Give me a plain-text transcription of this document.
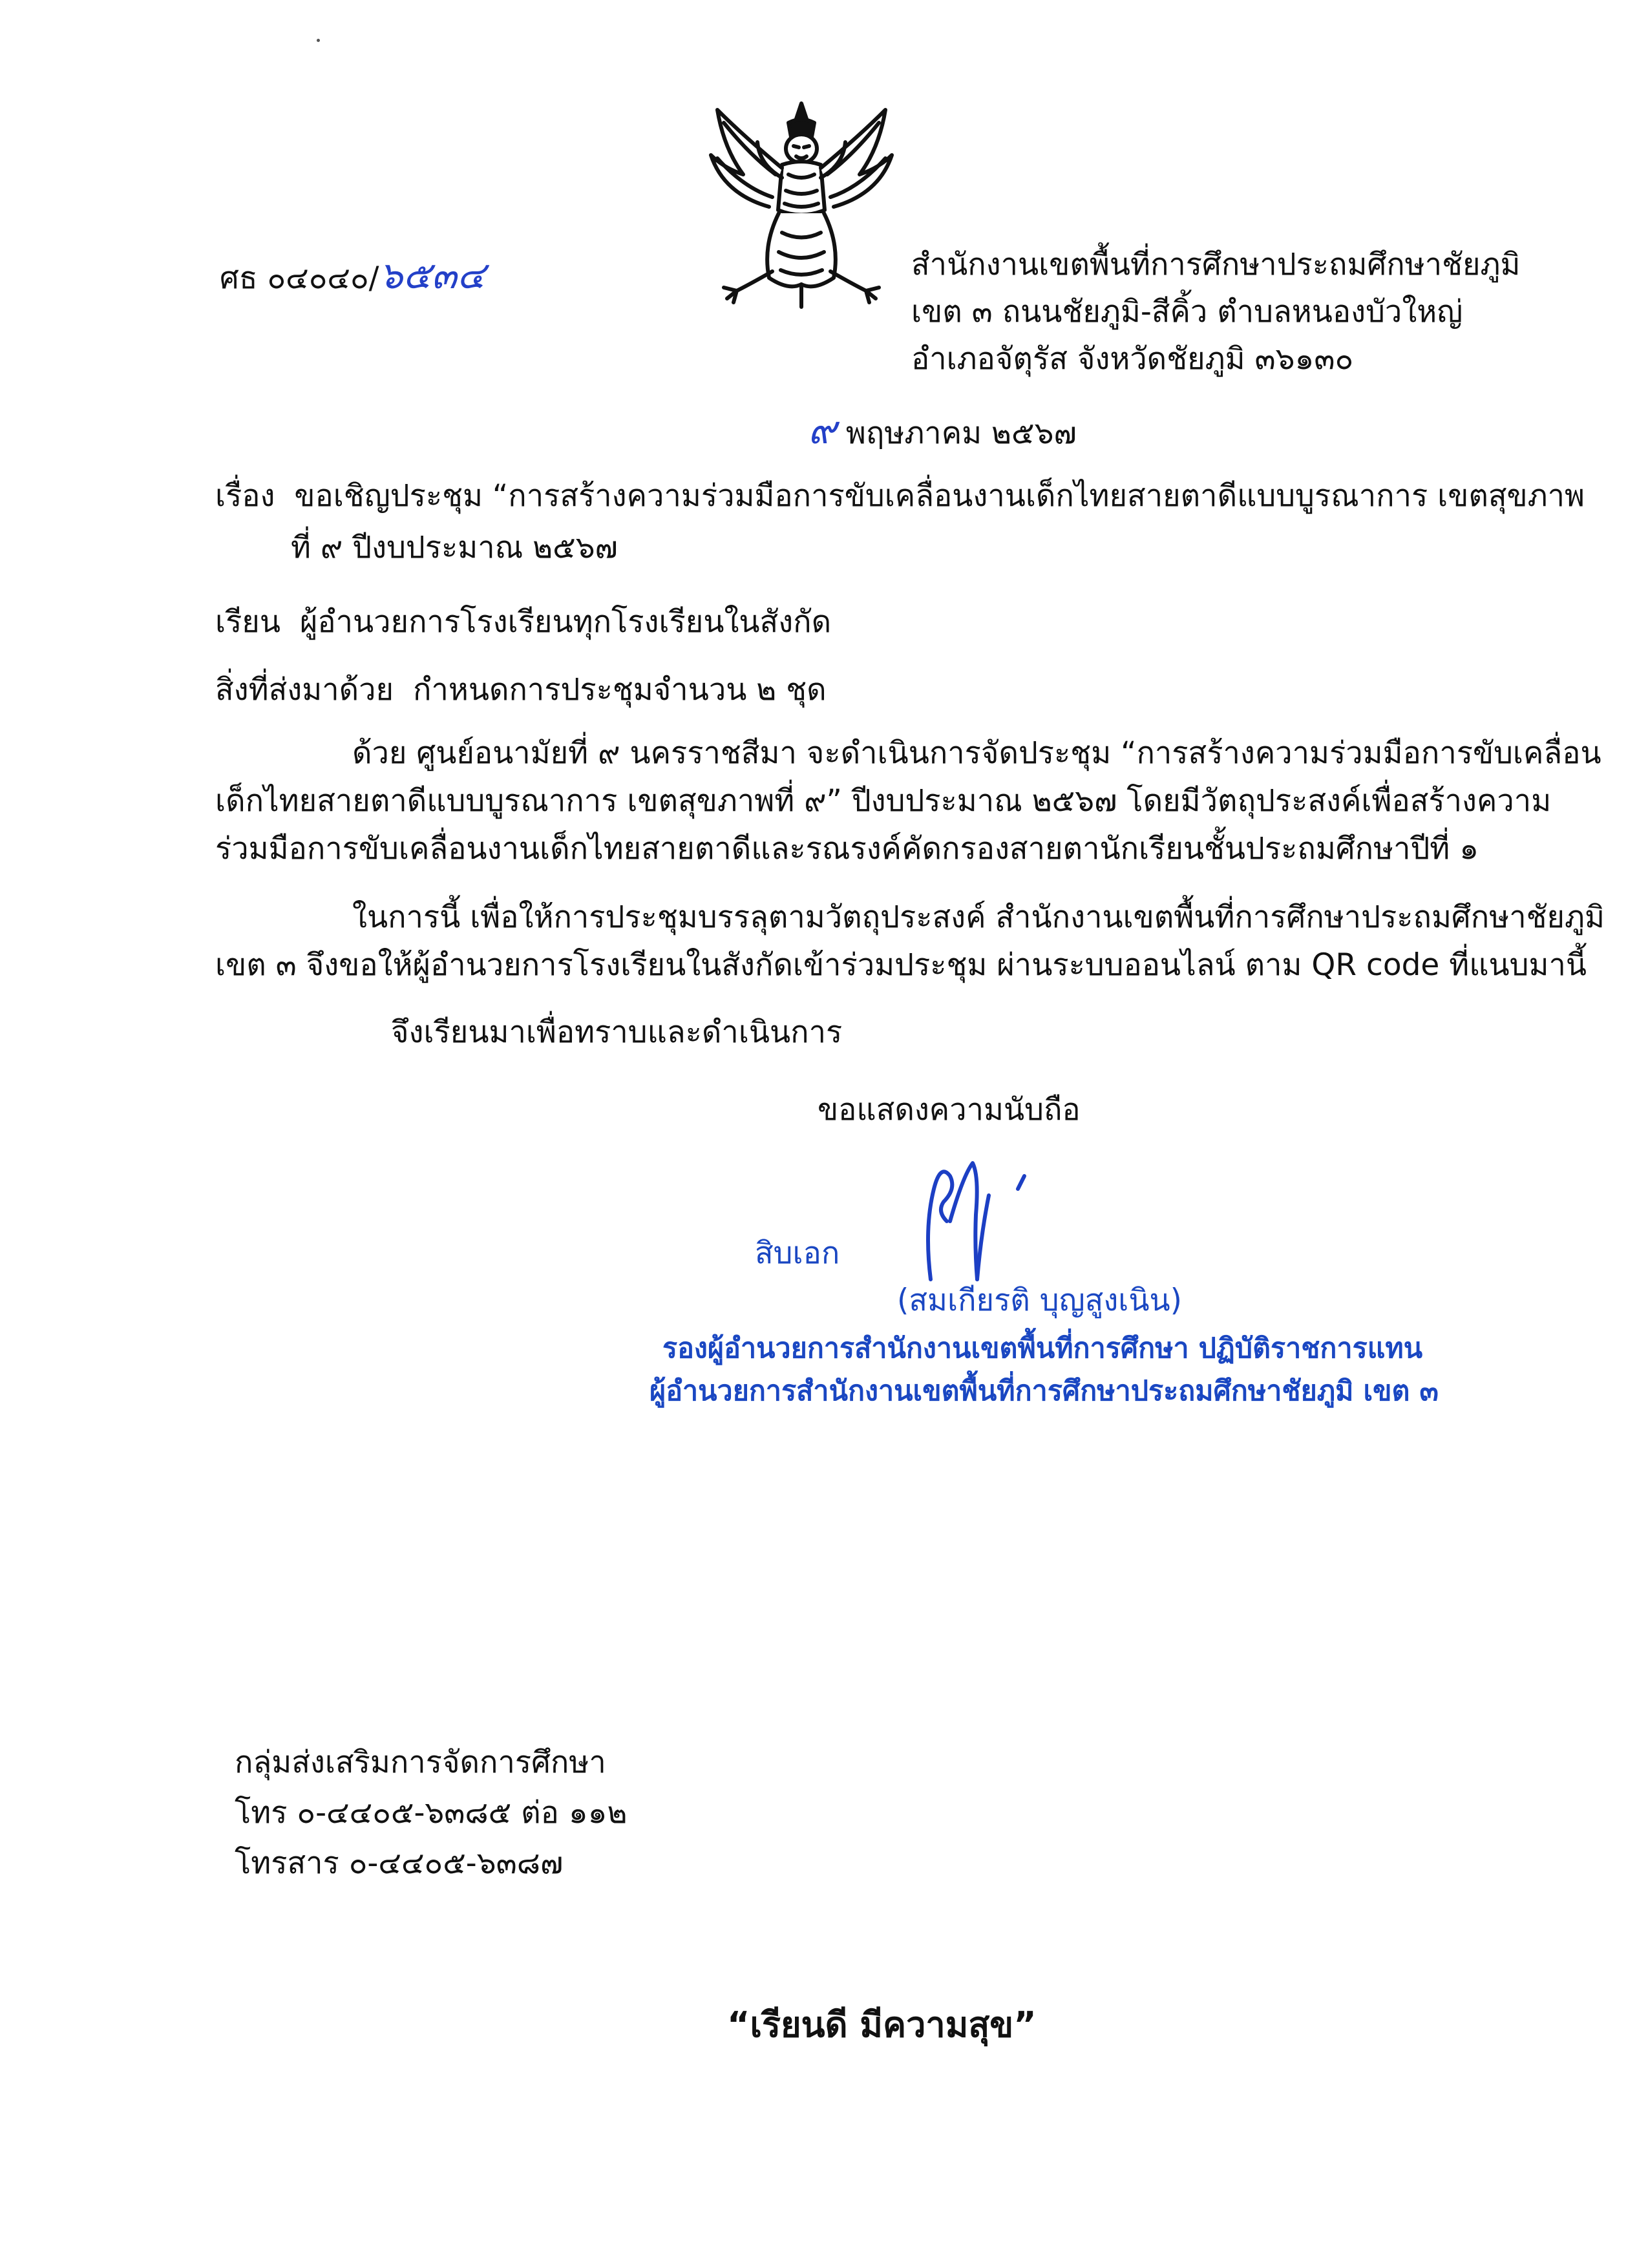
ศธ ๐๔๐๔๐/๖๕๓๔	สำนักงานเขตพื้นที่การศึกษาประถมศึกษาชัยภูมิ
เขต ๓ ถนนชัยภูมิ-สีคิ้ว ตำบลหนองบัวใหญ่
อำเภอจัตุรัส จังหวัดชัยภูมิ ๓๖๑๓๐
๙ พฤษภาคม ๒๕๖๗
เรื่อง ขอเชิญประชุม “การสร้างความร่วมมือการขับเคลื่อนงานเด็กไทยสายตาดีแบบบูรณาการ เขตสุขภาพ
ที่ ๙ ปีงบประมาณ ๒๕๖๗
เรียน ผู้อำนวยการโรงเรียนทุกโรงเรียนในสังกัด
สิ่งที่ส่งมาด้วย กำหนดการประชุมจำนวน ๒ ชุด
ด้วย ศูนย์อนามัยที่ ๙ นครราชสีมา จะดำเนินการจัดประชุม “การสร้างความร่วมมือการขับเคลื่อน
เด็กไทยสายตาดีแบบบูรณาการ เขตสุขภาพที่ ๙” ปีงบประมาณ ๒๕๖๗ โดยมีวัตถุประสงค์เพื่อสร้างความ
ร่วมมือการขับเคลื่อนงานเด็กไทยสายตาดีและรณรงค์คัดกรองสายตานักเรียนชั้นประถมศึกษาปีที่ ๑
ในการนี้ เพื่อให้การประชุมบรรลุตามวัตถุประสงค์ สำนักงานเขตพื้นที่การศึกษาประถมศึกษาชัยภูมิ
เขต ๓ จึงขอให้ผู้อำนวยการโรงเรียนในสังกัดเข้าร่วมประชุม ผ่านระบบออนไลน์ ตาม QR code ที่แนบมานี้
จึงเรียนมาเพื่อทราบและดำเนินการ
ขอแสดงความนับถือ
สิบเอก
(สมเกียรติ บุญสูงเนิน)
รองผู้อำนวยการสำนักงานเขตพื้นที่การศึกษา ปฏิบัติราชการแทน
ผู้อำนวยการสำนักงานเขตพื้นที่การศึกษาประถมศึกษาชัยภูมิ เขต ๓
กลุ่มส่งเสริมการจัดการศึกษา
โทร ๐-๔๔๐๕-๖๓๘๕ ต่อ ๑๑๒
โทรสาร ๐-๔๔๐๕-๖๓๘๗
“เรียนดี มีความสุข”
